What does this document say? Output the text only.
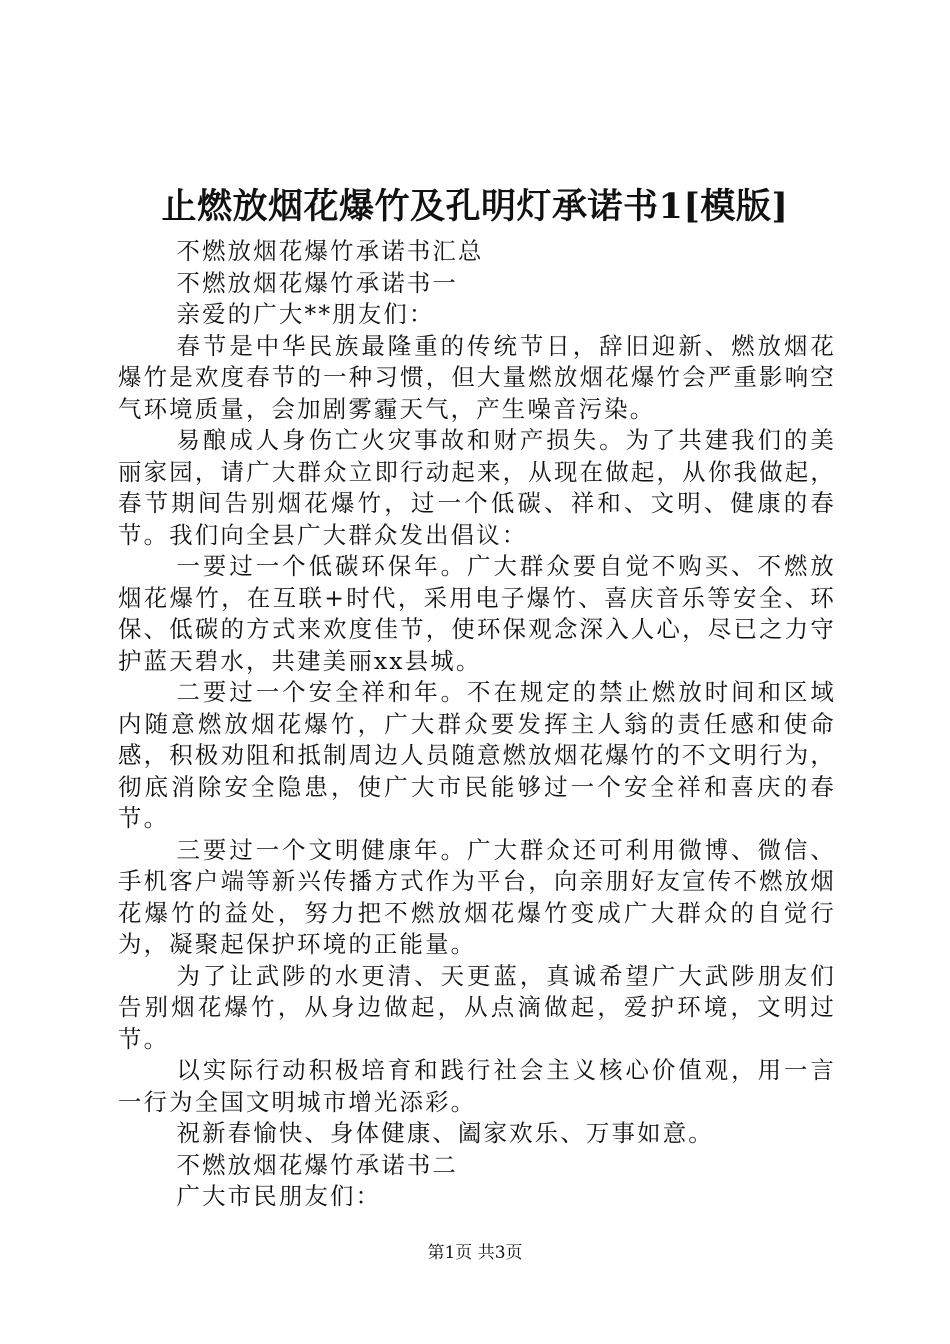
止燃放烟花爆竹及孔明灯承诺书1[模版]

不燃放烟花爆竹承诺书汇总

不燃放烟花爆竹承诺书一

亲爱的广大**朋友们：

春节是中华民族最隆重的传统节日，辞旧迎新、燃放烟花爆竹是欢度春节的一种习惯，但大量燃放烟花爆竹会严重影响空气环境质量，会加剧雾霾天气，产生噪音污染。

易酿成人身伤亡火灾事故和财产损失。为了共建我们的美丽家园，请广大群众立即行动起来，从现在做起，从你我做起，春节期间告别烟花爆竹，过一个低碳、祥和、文明、健康的春节。我们向全县广大群众发出倡议：

一要过一个低碳环保年。广大群众要自觉不购买、不燃放烟花爆竹，在互联+时代，采用电子爆竹、喜庆音乐等安全、环保、低碳的方式来欢度佳节，使环保观念深入人心，尽已之力守护蓝天碧水，共建美丽xx县城。

二要过一个安全祥和年。不在规定的禁止燃放时间和区域内随意燃放烟花爆竹，广大群众要发挥主人翁的责任感和使命感，积极劝阻和抵制周边人员随意燃放烟花爆竹的不文明行为，彻底消除安全隐患，使广大市民能够过一个安全祥和喜庆的春节。

三要过一个文明健康年。广大群众还可利用微博、微信、手机客户端等新兴传播方式作为平台，向亲朋好友宣传不燃放烟花爆竹的益处，努力把不燃放烟花爆竹变成广大群众的自觉行为，凝聚起保护环境的正能量。

为了让武陟的水更清、天更蓝，真诚希望广大武陟朋友们告别烟花爆竹，从身边做起，从点滴做起，爱护环境，文明过节。

以实际行动积极培育和践行社会主义核心价值观，用一言一行为全国文明城市增光添彩。

祝新春愉快、身体健康、阖家欢乐、万事如意。

不燃放烟花爆竹承诺书二

广大市民朋友们：

第1页 共3页
